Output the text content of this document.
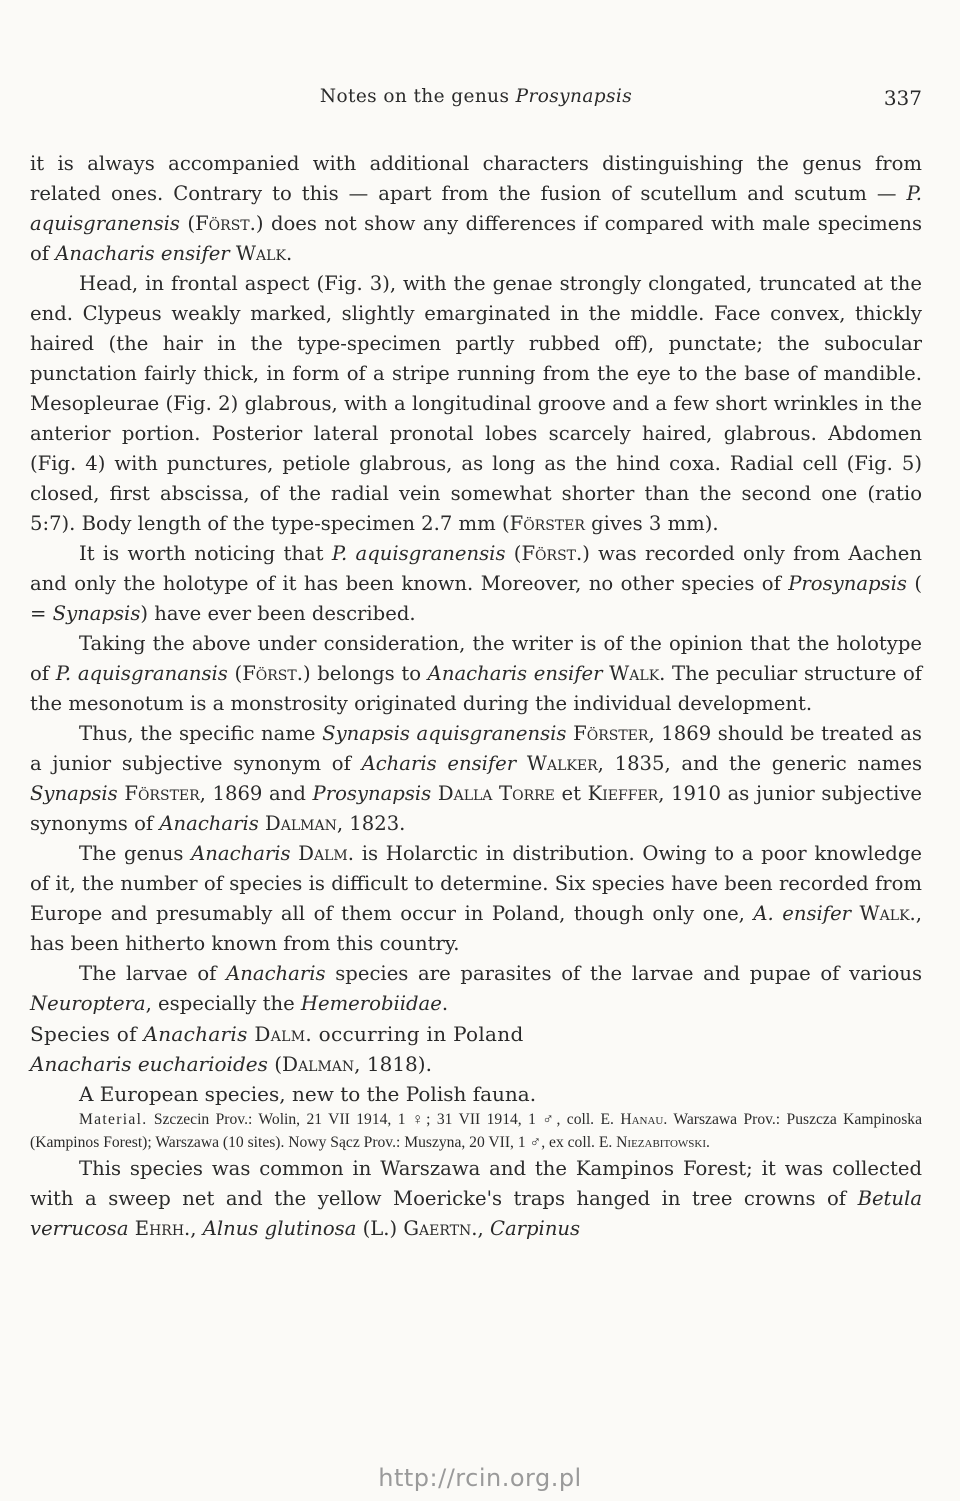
Notes on the genus Prosynapsis	337

it is always accompanied with additional characters distinguishing the genus from related ones. Contrary to this — apart from the fusion of scutellum and scutum — P. aquisgranensis (Först.) does not show any differences if compared with male specimens of Anacharis ensifer Walk.

Head, in frontal aspect (Fig. 3), with the genae strongly clongated, truncated at the end. Clypeus weakly marked, slightly emarginated in the middle. Face convex, thickly haired (the hair in the type-specimen partly rubbed off), punctate; the subocular punctation fairly thick, in form of a stripe running from the eye to the base of mandible. Mesopleurae (Fig. 2) glabrous, with a longitudinal groove and a few short wrinkles in the anterior portion. Posterior lateral pronotal lobes scarcely haired, glabrous. Abdomen (Fig. 4) with punctures, petiole glabrous, as long as the hind coxa. Radial cell (Fig. 5) closed, first abscissa, of the radial vein somewhat shorter than the second one (ratio 5:7). Body length of the type-specimen 2.7 mm (Förster gives 3 mm).

It is worth noticing that P. aquisgranensis (Först.) was recorded only from Aachen and only the holotype of it has been known. Moreover, no other species of Prosynapsis ( = Synapsis) have ever been described.

Taking the above under consideration, the writer is of the opinion that the holotype of P. aquisgranansis (Först.) belongs to Anacharis ensifer Walk. The peculiar structure of the mesonotum is a monstrosity originated during the individual development.

Thus, the specific name Synapsis aquisgranensis Förster, 1869 should be treated as a junior subjective synonym of Acharis ensifer Walker, 1835, and the generic names Synapsis Förster, 1869 and Prosynapsis Dalla Torre et Kieffer, 1910 as junior subjective synonyms of Anacharis Dalman, 1823.

The genus Anacharis Dalm. is Holarctic in distribution. Owing to a poor knowledge of it, the number of species is difficult to determine. Six species have been recorded from Europe and presumably all of them occur in Poland, though only one, A. ensifer Walk., has been hitherto known from this country.

The larvae of Anacharis species are parasites of the larvae and pupae of various Neuroptera, especially the Hemerobiidae.

Species of Anacharis Dalm. occurring in Poland

Anacharis eucharioides (Dalman, 1818).

A European species, new to the Polish fauna.

Material. Szczecin Prov.: Wolin, 21 VII 1914, 1 ♀; 31 VII 1914, 1 ♂, coll. E. Hanau. Warszawa Prov.: Puszcza Kampinoska (Kampinos Forest); Warszawa (10 sites). Nowy Sącz Prov.: Muszyna, 20 VII, 1 ♂, ex coll. E. Niezabitowski.

This species was common in Warszawa and the Kampinos Forest; it was collected with a sweep net and the yellow Moericke's traps hanged in tree crowns of Betula verrucosa Ehrh., Alnus glutinosa (L.) Gaertn., Carpinus

http://rcin.org.pl
